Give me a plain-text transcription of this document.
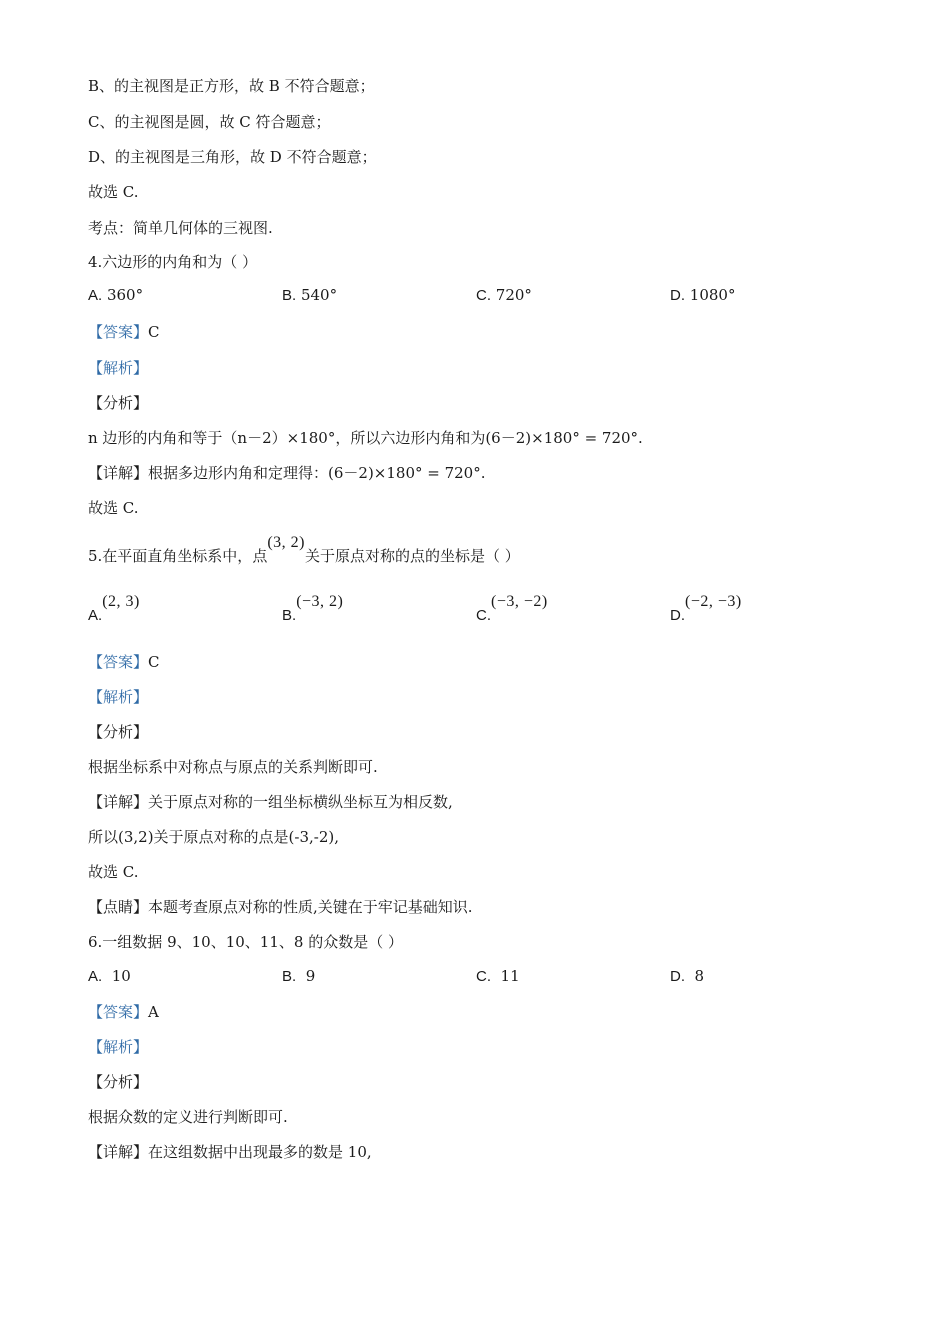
B、的主视图是正方形，故 B 不符合题意；
C、的主视图是圆，故 C 符合题意；
D、的主视图是三角形，故 D 不符合题意；
故选 C.
考点：简单几何体的三视图.
4.六边形的内角和为（ ）
A. 360°	B. 540°	C. 720°	D. 1080°
【答案】C
【解析】
【分析】
n 边形的内角和等于（n－2）×180°，所以六边形内角和为(6－2)×180° = 720°.
【详解】根据多边形内角和定理得：(6－2)×180° = 720°.
故选 C.
5.在平面直角坐标系中，点(3, 2)关于原点对称的点的坐标是（ ）
A.(2, 3)
B.(−3, 2)
C.(−3, −2)
D.(−2, −3)
【答案】C
【解析】
【分析】
根据坐标系中对称点与原点的关系判断即可.
【详解】关于原点对称的一组坐标横纵坐标互为相反数,
所以(3,2)关于原点对称的点是(-3,-2),
故选 C.
【点睛】本题考查原点对称的性质,关键在于牢记基础知识.
6.一组数据 9、10、10、11、8 的众数是（ ）
A. 10	B. 9	C. 11	D. 8
【答案】A
【解析】
【分析】
根据众数的定义进行判断即可.
【详解】在这组数据中出现最多的数是 10,
